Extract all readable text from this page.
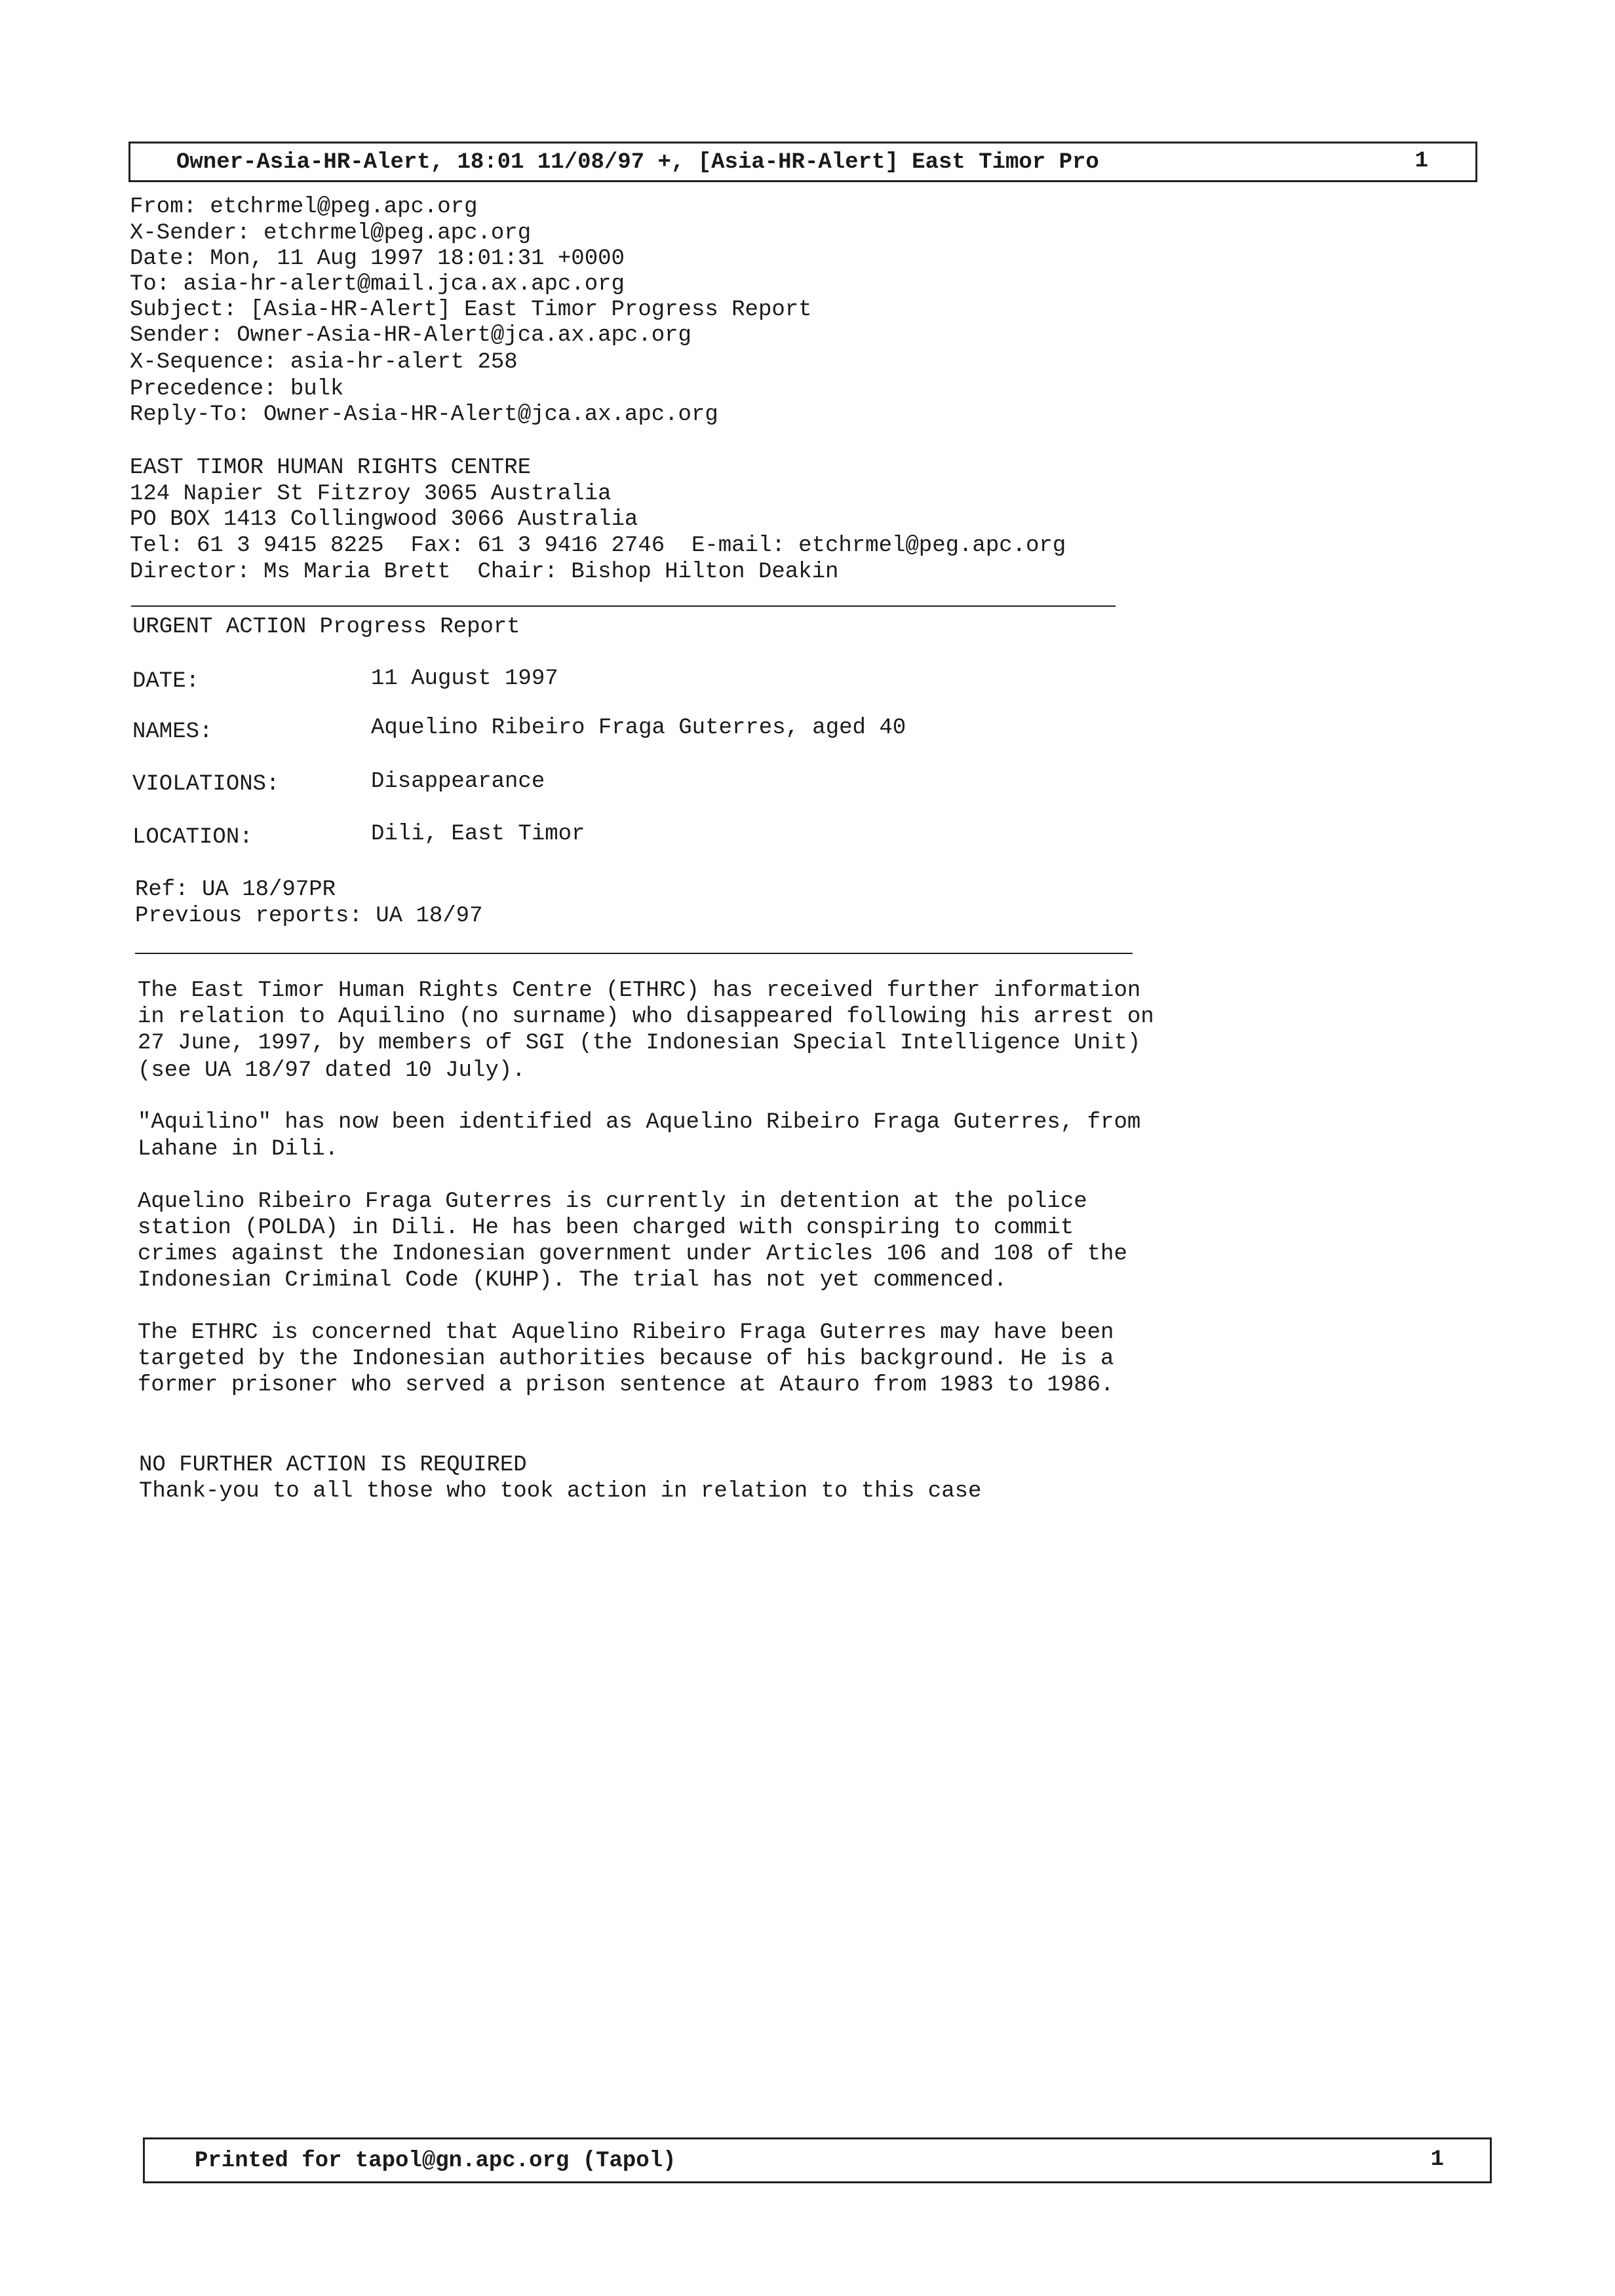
Owner-Asia-HR-Alert, 18:01 11/08/97 +, [Asia-HR-Alert] East Timor Pro	1
From: etchrmel@peg.apc.org
X-Sender: etchrmel@peg.apc.org
Date: Mon, 11 Aug 1997 18:01:31 +0000
To: asia-hr-alert@mail.jca.ax.apc.org
Subject: [Asia-HR-Alert] East Timor Progress Report
Sender: Owner-Asia-HR-Alert@jca.ax.apc.org
X-Sequence: asia-hr-alert 258
Precedence: bulk
Reply-To: Owner-Asia-HR-Alert@jca.ax.apc.org
EAST TIMOR HUMAN RIGHTS CENTRE
124 Napier St Fitzroy 3065 Australia
PO BOX 1413 Collingwood 3066 Australia
Tel: 61 3 9415 8225  Fax: 61 3 9416 2746  E-mail: etchrmel@peg.apc.org
Director: Ms Maria Brett  Chair: Bishop Hilton Deakin
URGENT ACTION Progress Report
DATE:	11 August 1997
NAMES:	Aquelino Ribeiro Fraga Guterres, aged 40
VIOLATIONS:	Disappearance
LOCATION:	Dili, East Timor
Ref: UA 18/97PR
Previous reports: UA 18/97
The East Timor Human Rights Centre (ETHRC) has received further information
in relation to Aquilino (no surname) who disappeared following his arrest on
27 June, 1997, by members of SGI (the Indonesian Special Intelligence Unit)
(see UA 18/97 dated 10 July).
"Aquilino" has now been identified as Aquelino Ribeiro Fraga Guterres, from
Lahane in Dili.
Aquelino Ribeiro Fraga Guterres is currently in detention at the police
station (POLDA) in Dili. He has been charged with conspiring to commit
crimes against the Indonesian government under Articles 106 and 108 of the
Indonesian Criminal Code (KUHP). The trial has not yet commenced.
The ETHRC is concerned that Aquelino Ribeiro Fraga Guterres may have been
targeted by the Indonesian authorities because of his background. He is a
former prisoner who served a prison sentence at Atauro from 1983 to 1986.
NO FURTHER ACTION IS REQUIRED
Thank-you to all those who took action in relation to this case
Printed for tapol@gn.apc.org (Tapol)	1
